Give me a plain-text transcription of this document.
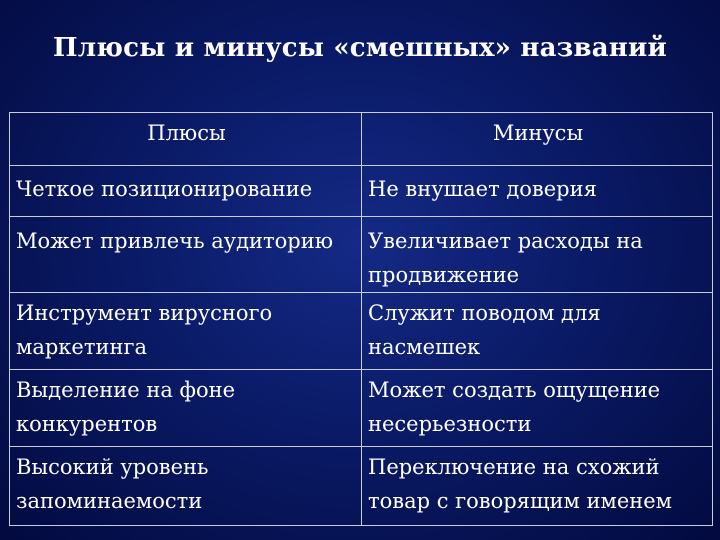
Плюсы и минусы «смешных» названий
Плюсы	Минусы

Четкое позиционирование	Не внушает доверия

Может привлечь аудиторию	Увеличивает расходы на продвижение

Инструмент вирусного маркетинга	Служит поводом для насмешек

Выделение на фоне конкурентов	Может создать ощущение несерьезности

Высокий уровень запоминаемости	Переключение на схожий товар с говорящим именем
